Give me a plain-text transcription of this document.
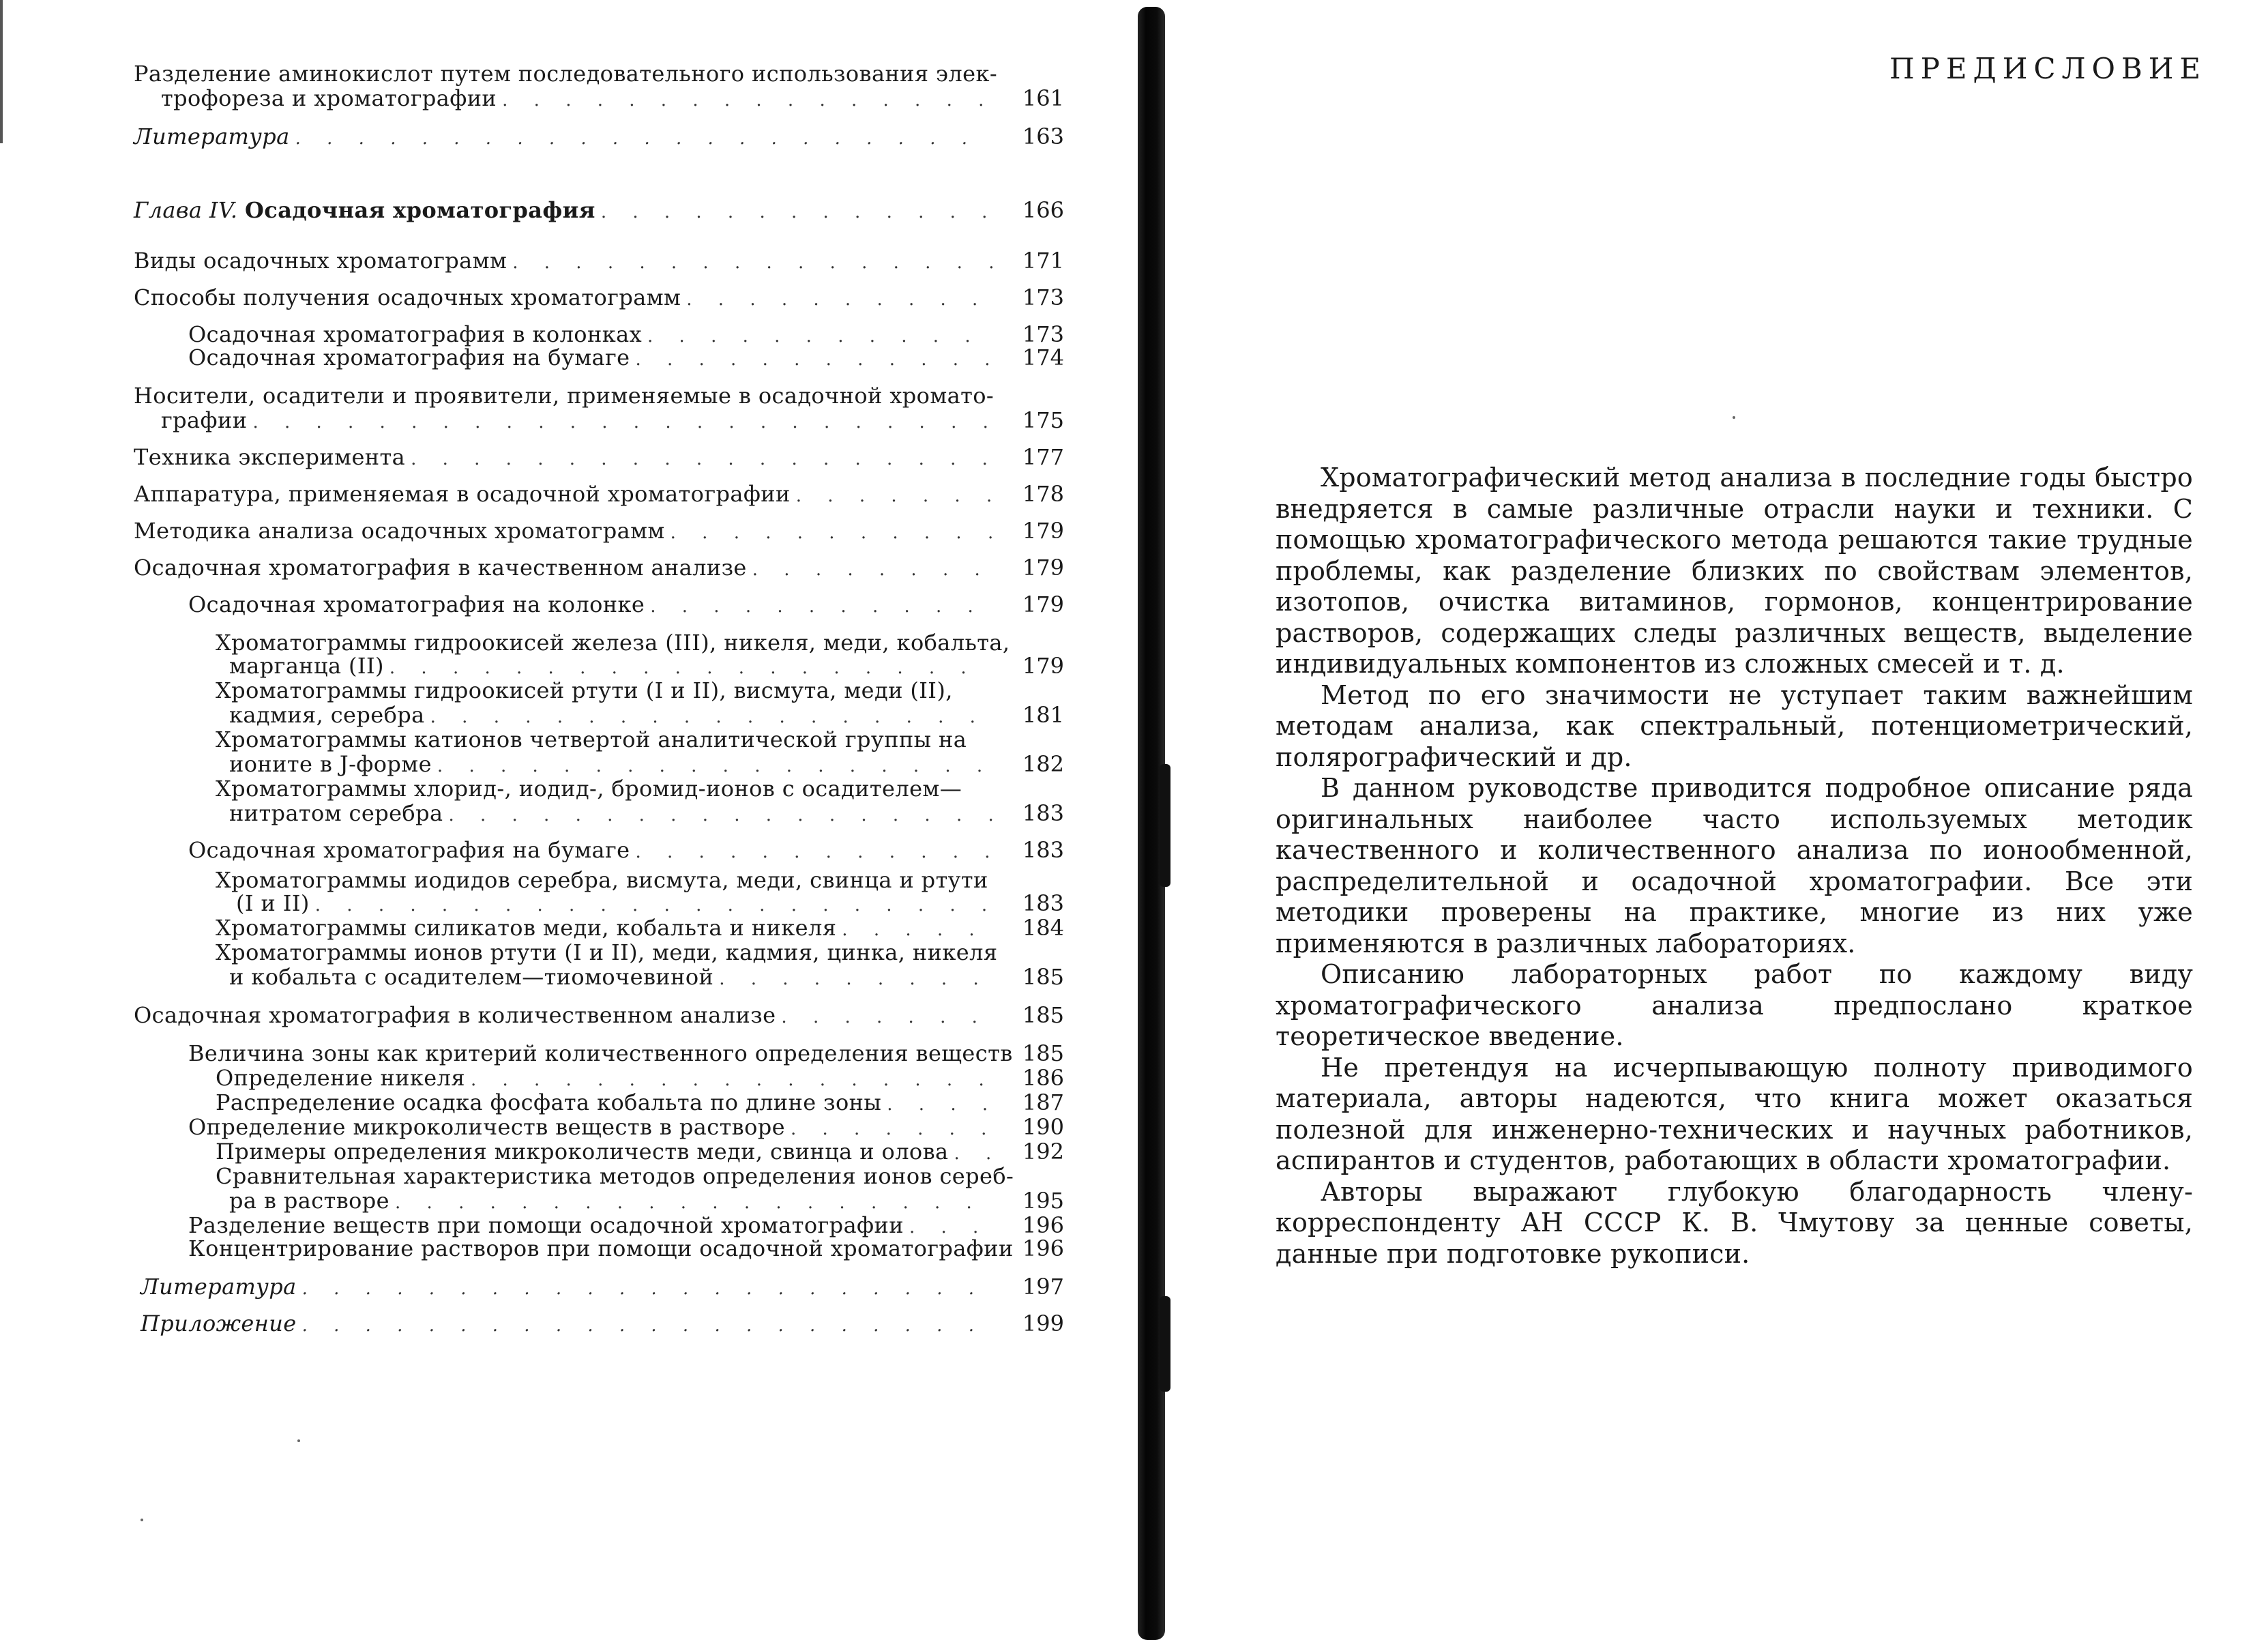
Разделение аминокислот путем последовательного использования элек-
трофореза и хроматографии . . .	161
Литература . . .	163
Глава IV. Осадочная хроматография . . .	166
Виды осадочных хроматограмм . . .	171
Способы получения осадочных хроматограмм . . .	173
Осадочная хроматография в колонках . . .	173
Осадочная хроматография на бумаге . . .	174
Носители, осадители и проявители, применяемые в осадочной хромато-
графии . . .	175
Техника эксперимента . . .	177
Аппаратура, применяемая в осадочной хроматографии . . .	178
Методика анализа осадочных хроматограмм . . .	179
Осадочная хроматография в качественном анализе . . .	179
Осадочная хроматография на колонке . . .	179
Хроматограммы гидроокисей железа (III), никеля, меди, кобальта,
марганца (II) . . .	179
Хроматограммы гидроокисей ртути (I и II), висмута, меди (II),
кадмия, серебра . . .	181
Хроматограммы катионов четвертой аналитической группы на
ионите в J-форме . . .	182
Хроматограммы хлорид-, иодид-, бромид-ионов с осадителем—
нитратом серебра . . .	183
Осадочная хроматография на бумаге . . .	183
Хроматограммы иодидов серебра, висмута, меди, свинца и ртути
(I и II) . . .	183
Хроматограммы силикатов меди, кобальта и никеля . . .	184
Хроматограммы ионов ртути (I и II), меди, кадмия, цинка, никеля
и кобальта с осадителем—тиомочевиной . . .	185
Осадочная хроматография в количественном анализе . . .	185
Величина зоны как критерий количественного определения веществ 185
Определение никеля . . .	186
Распределение осадка фосфата кобальта по длине зоны . . .	187
Определение микроколичеств веществ в растворе . . .	190
Примеры определения микроколичеств меди, свинца и олова . . .	192
Сравнительная характеристика методов определения ионов сереб-
ра в растворе . . .	195
Разделение веществ при помощи осадочной хроматографии . . .	196
Концентрирование растворов при помощи осадочной хроматографии 196
Литература . . .	197
Приложение . . .	199
ПРЕДИСЛОВИЕ

Хроматографический метод анализа в последние годы быстро внедряется в самые различные отрасли науки и техники. С помощью хроматографического метода решаются такие трудные проблемы, как разделение близких по свойствам элементов, изотопов, очистка витаминов, гормонов, концентрирование растворов, содержащих следы различных веществ, выделение индивидуальных компонентов из сложных смесей и т. д.

Метод по его значимости не уступает таким важнейшим методам анализа, как спектральный, потенциометрический, полярографический и др.

В данном руководстве приводится подробное описание ряда оригинальных наиболее часто используемых методик качественного и количественного анализа по ионообменной, распределительной и осадочной хроматографии. Все эти методики проверены на практике, многие из них уже применяются в различных лабораториях.

Описанию лабораторных работ по каждому виду хроматографического анализа предпослано краткое теоретическое введение.

Не претендуя на исчерпывающую полноту приводимого материала, авторы надеются, что книга может оказаться полезной для инженерно-технических и научных работников, аспирантов и студентов, работающих в области хроматографии.

Авторы выражают глубокую благодарность члену-корреспонденту АН СССР К. В. Чмутову за ценные советы, данные при подготовке рукописи.
